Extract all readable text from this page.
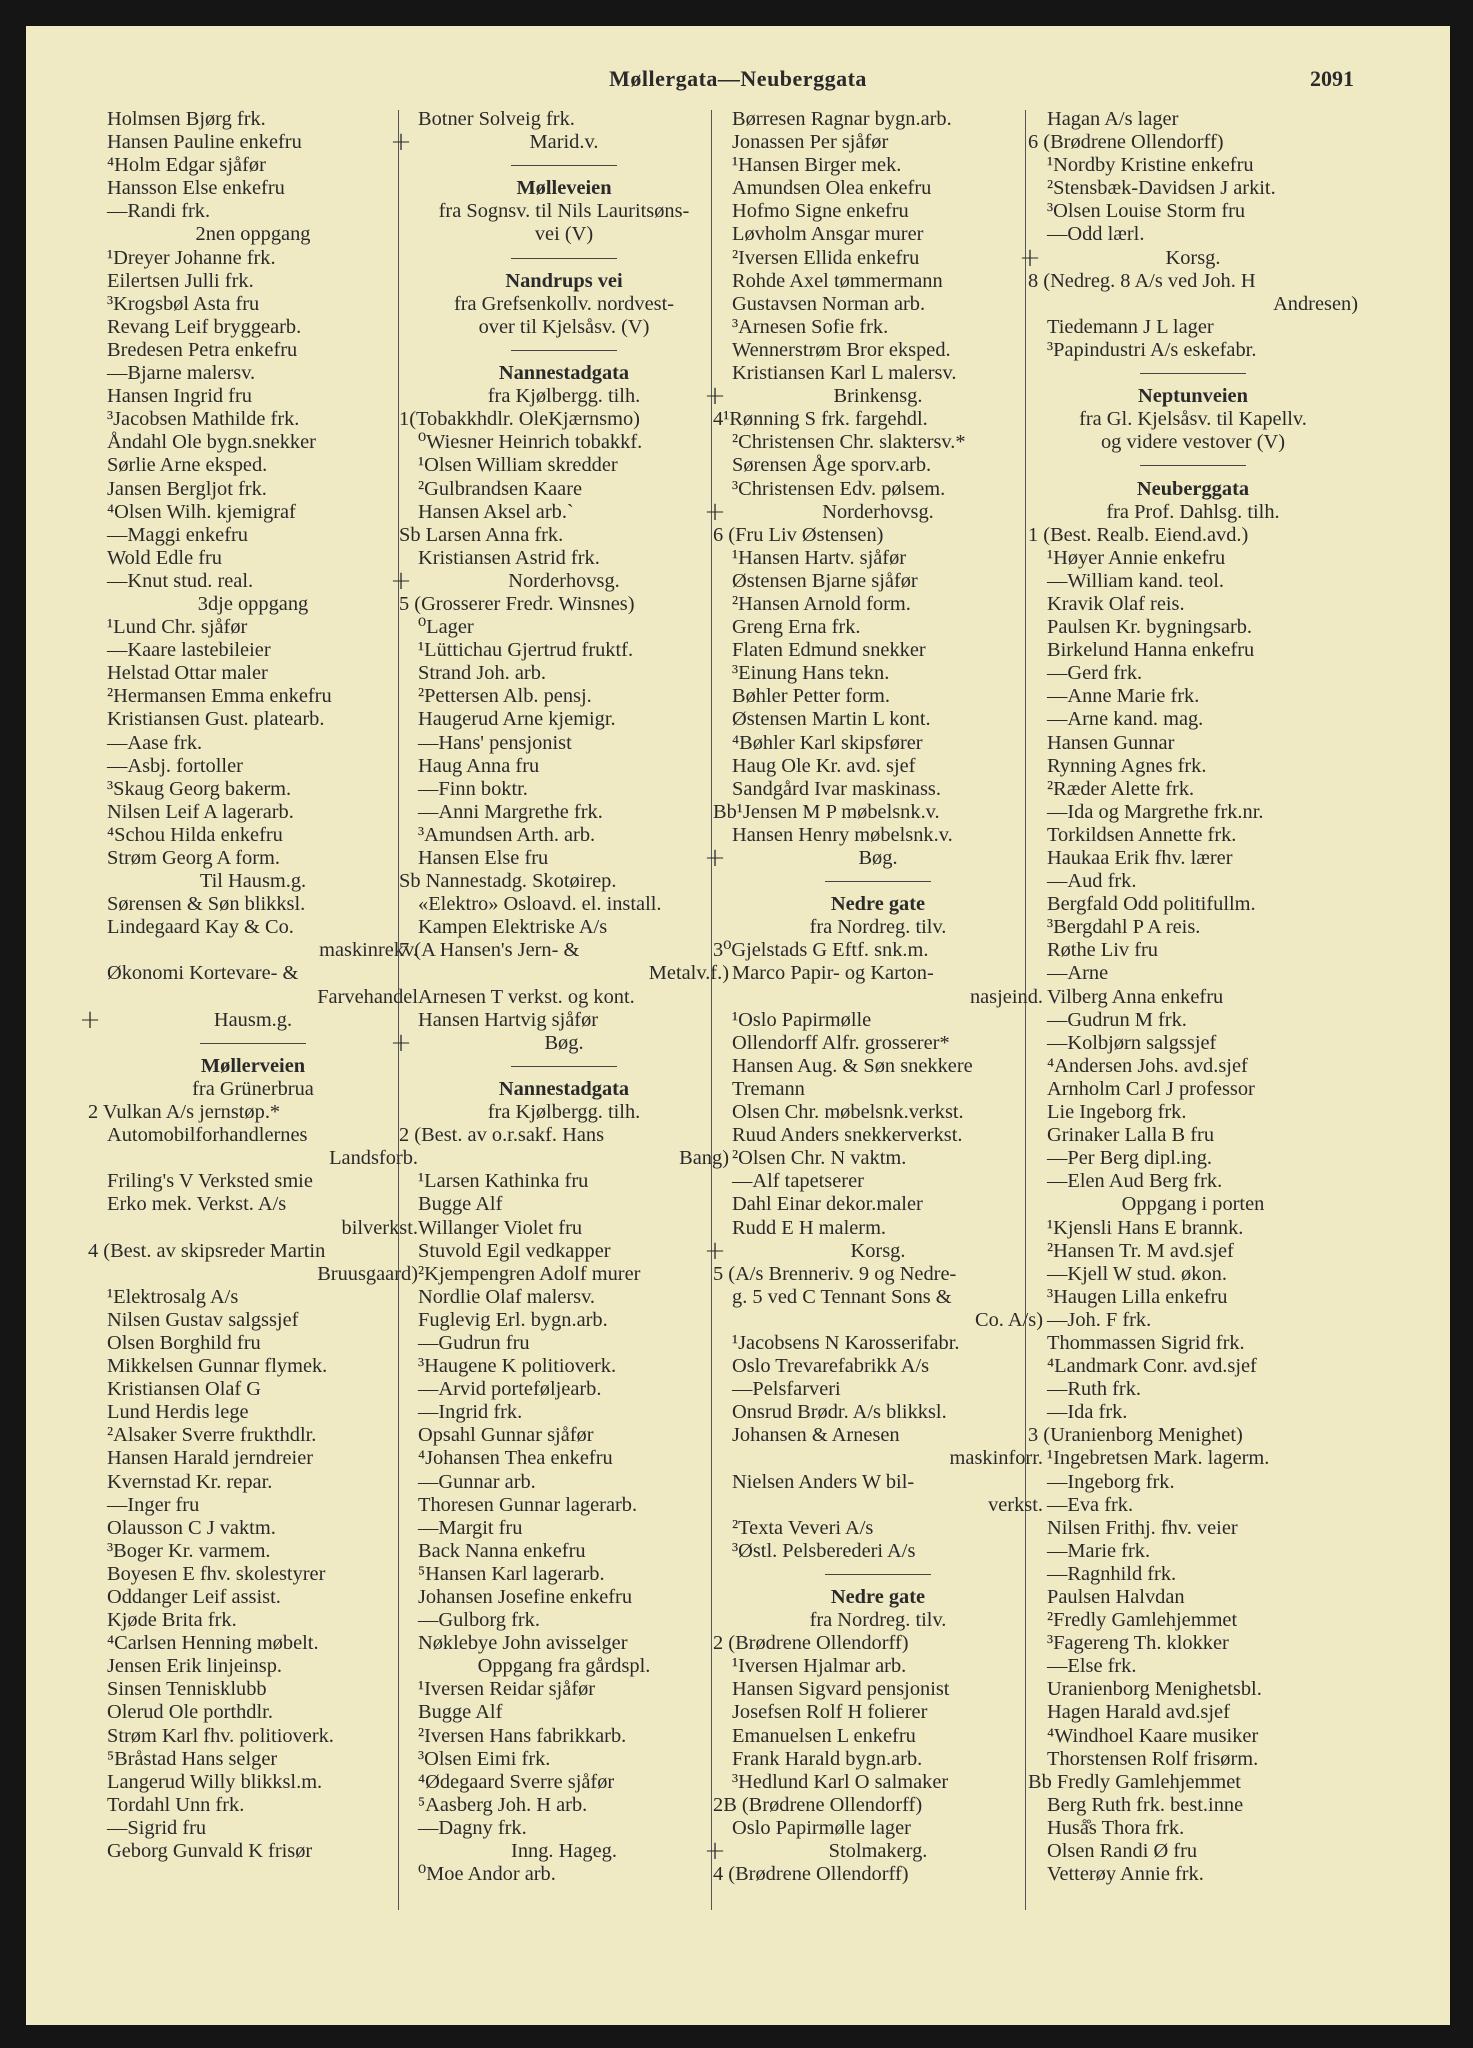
Møllergata—Neuberggata	2091
Holmsen Bjørg frk.
Hansen Pauline enkefru
⁴Holm Edgar sjåfør
Hansson Else enkefru
—Randi frk.
2nen oppgang
¹Dreyer Johanne frk.
Eilertsen Julli frk.
³Krogsbøl Asta fru
Revang Leif bryggearb.
Bredesen Petra enkefru
—Bjarne malersv.
Hansen Ingrid fru
³Jacobsen Mathilde frk.
Åndahl Ole bygn.snekker
Sørlie Arne eksped.
Jansen Bergljot frk.
⁴Olsen Wilh. kjemigraf
—Maggi enkefru
Wold Edle fru
—Knut stud. real.
3dje oppgang
¹Lund Chr. sjåfør
—Kaare lastebileier
Helstad Ottar maler
²Hermansen Emma enkefru
Kristiansen Gust. platearb.
—Aase frk.
—Asbj. fortoller
³Skaug Georg bakerm.
Nilsen Leif A lagerarb.
⁴Schou Hilda enkefru
Strøm Georg A form.
Til Hausm.g.
Sørensen & Søn blikksl.
Lindegaard Kay & Co.
maskinrekv.
Økonomi Kortevare- &
Farvehandel
+	Hausm.g.
Møllerveien
fra Grünerbrua
2 Vulkan A/s jernstøp.*
Automobilforhandlernes
Landsforb.
Friling's V Verksted smie
Erko mek. Verkst. A/s
bilverkst.
4 (Best. av skipsreder Martin
Bruusgaard)
¹Elektrosalg A/s
Nilsen Gustav salgssjef
Olsen Borghild fru
Mikkelsen Gunnar flymek.
Kristiansen Olaf G
Lund Herdis lege
²Alsaker Sverre frukthdlr.
Hansen Harald jerndreier
Kvernstad Kr. repar.
—Inger fru
Olausson C J vaktm.
³Boger Kr. varmem.
Boyesen E fhv. skolestyrer
Oddanger Leif assist.
Kjøde Brita frk.
⁴Carlsen Henning møbelt.
Jensen Erik linjeinsp.
Sinsen Tennisklubb
Olerud Ole porthdlr.
Strøm Karl fhv. politioverk.
⁵Bråstad Hans selger
Langerud Willy blikksl.m.
Tordahl Unn frk.
—Sigrid fru
Geborg Gunvald K frisør
Botner Solveig frk.
+	Marid.v.
Mølleveien
fra Sognsv. til Nils Lauritsøns-
vei (V)
Nandrups vei
fra Grefsenkollv. nordvest-
over til Kjelsåsv. (V)
Nannestadgata
fra Kjølbergg. tilh.
1(Tobakkhdlr. OleKjærnsmo)
⁰Wiesner Heinrich tobakkf.
¹Olsen William skredder
²Gulbrandsen Kaare
Hansen Aksel arb.`
Sb Larsen Anna frk.
Kristiansen Astrid frk.
+	Norderhovsg.
5 (Grosserer Fredr. Winsnes)
⁰Lager
¹Lüttichau Gjertrud fruktf.
Strand Joh. arb.
²Pettersen Alb. pensj.
Haugerud Arne kjemigr.
—Hans' pensjonist
Haug Anna fru
—Finn boktr.
—Anni Margrethe frk.
³Amundsen Arth. arb.
Hansen Else fru
Sb Nannestadg. Skotøirep.
«Elektro» Osloavd. el. install.
Kampen Elektriske A/s
7 (A Hansen's Jern- &
Metalv.f.)
Arnesen T verkst. og kont.
Hansen Hartvig sjåfør
+	Bøg.
Nannestadgata
fra Kjølbergg. tilh.
2 (Best. av o.r.sakf. Hans
Bang)
¹Larsen Kathinka fru
Bugge Alf
Willanger Violet fru
Stuvold Egil vedkapper
²Kjempengren Adolf murer
Nordlie Olaf malersv.
Fuglevig Erl. bygn.arb.
—Gudrun fru
³Haugene K politioverk.
—Arvid porteføljearb.
—Ingrid frk.
Opsahl Gunnar sjåfør
⁴Johansen Thea enkefru
—Gunnar arb.
Thoresen Gunnar lagerarb.
—Margit fru
Back Nanna enkefru
⁵Hansen Karl lagerarb.
Johansen Josefine enkefru
—Gulborg frk.
Nøklebye John avisselger
Oppgang fra gårdspl.
¹Iversen Reidar sjåfør
Bugge Alf
²Iversen Hans fabrikkarb.
³Olsen Eimi frk.
⁴Ødegaard Sverre sjåfør
⁵Aasberg Joh. H arb.
—Dagny frk.
Inng. Hageg.
⁰Moe Andor arb.
Børresen Ragnar bygn.arb.
Jonassen Per sjåfør
¹Hansen Birger mek.
Amundsen Olea enkefru
Hofmo Signe enkefru
Løvholm Ansgar murer
²Iversen Ellida enkefru
Rohde Axel tømmermann
Gustavsen Norman arb.
³Arnesen Sofie frk.
Wennerstrøm Bror eksped.
Kristiansen Karl L malersv.
+	Brinkensg.
4¹Rønning S frk. fargehdl.
²Christensen Chr. slaktersv.*
Sørensen Åge sporv.arb.
³Christensen Edv. pølsem.
+	Norderhovsg.
6 (Fru Liv Østensen)
¹Hansen Hartv. sjåfør
Østensen Bjarne sjåfør
²Hansen Arnold form.
Greng Erna frk.
Flaten Edmund snekker
³Einung Hans tekn.
Bøhler Petter form.
Østensen Martin L kont.
⁴Bøhler Karl skipsfører
Haug Ole Kr. avd. sjef
Sandgård Ivar maskinass.
Bb¹Jensen M P møbelsnk.v.
Hansen Henry møbelsnk.v.
+	Bøg.
Nedre gate
fra Nordreg. tilv.
3⁰Gjelstads G Eftf. snk.m.
Marco Papir- og Karton-
nasjeind.
¹Oslo Papirmølle
Ollendorff Alfr. grosserer*
Hansen Aug. & Søn snekkere
Tremann
Olsen Chr. møbelsnk.verkst.
Ruud Anders snekkerverkst.
²Olsen Chr. N vaktm.
—Alf tapetserer
Dahl Einar dekor.maler
Rudd E H malerm.
+	Korsg.
5 (A/s Brenneriv. 9 og Nedre-
g. 5 ved C Tennant Sons &
Co. A/s)
¹Jacobsens N Karosserifabr.
Oslo Trevarefabrikk A/s
—Pelsfarveri
Onsrud Brødr. A/s blikksl.
Johansen & Arnesen
maskinforr.
Nielsen Anders W bil-
verkst.
²Texta Veveri A/s
³Østl. Pelsberederi A/s
Nedre gate
fra Nordreg. tilv.
2 (Brødrene Ollendorff)
¹Iversen Hjalmar arb.
Hansen Sigvard pensjonist
Josefsen Rolf H folierer
Emanuelsen L enkefru
Frank Harald bygn.arb.
³Hedlund Karl O salmaker
2B (Brødrene Ollendorff)
Oslo Papirmølle lager
+	Stolmakerg.
4 (Brødrene Ollendorff)
Hagan A/s lager
6 (Brødrene Ollendorff)
¹Nordby Kristine enkefru
²Stensbæk-Davidsen J arkit.
³Olsen Louise Storm fru
—Odd lærl.
+	Korsg.
8 (Nedreg. 8 A/s ved Joh. H
Andresen)
Tiedemann J L lager
³Papindustri A/s eskefabr.
Neptunveien
fra Gl. Kjelsåsv. til Kapellv.
og videre vestover (V)
Neuberggata
fra Prof. Dahlsg. tilh.
1 (Best. Realb. Eiend.avd.)
¹Høyer Annie enkefru
—William kand. teol.
Kravik Olaf reis.
Paulsen Kr. bygningsarb.
Birkelund Hanna enkefru
—Gerd frk.
—Anne Marie frk.
—Arne kand. mag.
Hansen Gunnar
Rynning Agnes frk.
²Ræder Alette frk.
—Ida og Margrethe frk.nr.
Torkildsen Annette frk.
Haukaa Erik fhv. lærer
—Aud frk.
Bergfald Odd politifullm.
³Bergdahl P A reis.
Røthe Liv fru
—Arne
Vilberg Anna enkefru
—Gudrun M frk.
—Kolbjørn salgssjef
⁴Andersen Johs. avd.sjef
Arnholm Carl J professor
Lie Ingeborg frk.
Grinaker Lalla B fru
—Per Berg dipl.ing.
—Elen Aud Berg frk.
Oppgang i porten
¹Kjensli Hans E brannk.
²Hansen Tr. M avd.sjef
—Kjell W stud. økon.
³Haugen Lilla enkefru
—Joh. F frk.
Thommassen Sigrid frk.
⁴Landmark Conr. avd.sjef
—Ruth frk.
—Ida frk.
3 (Uranienborg Menighet)
¹Ingebretsen Mark. lagerm.
—Ingeborg frk.
—Eva frk.
Nilsen Frithj. fhv. veier
—Marie frk.
—Ragnhild frk.
Paulsen Halvdan
²Fredly Gamlehjemmet
³Fagereng Th. klokker
—Else frk.
Uranienborg Menighetsbl.
Hagen Harald avd.sjef
⁴Windhoel Kaare musiker
Thorstensen Rolf frisørm.
Bb Fredly Gamlehjemmet
Berg Ruth frk. best.inne
Huså̊s Thora frk.
Olsen Randi Ø fru
Vetterøy Annie frk.
